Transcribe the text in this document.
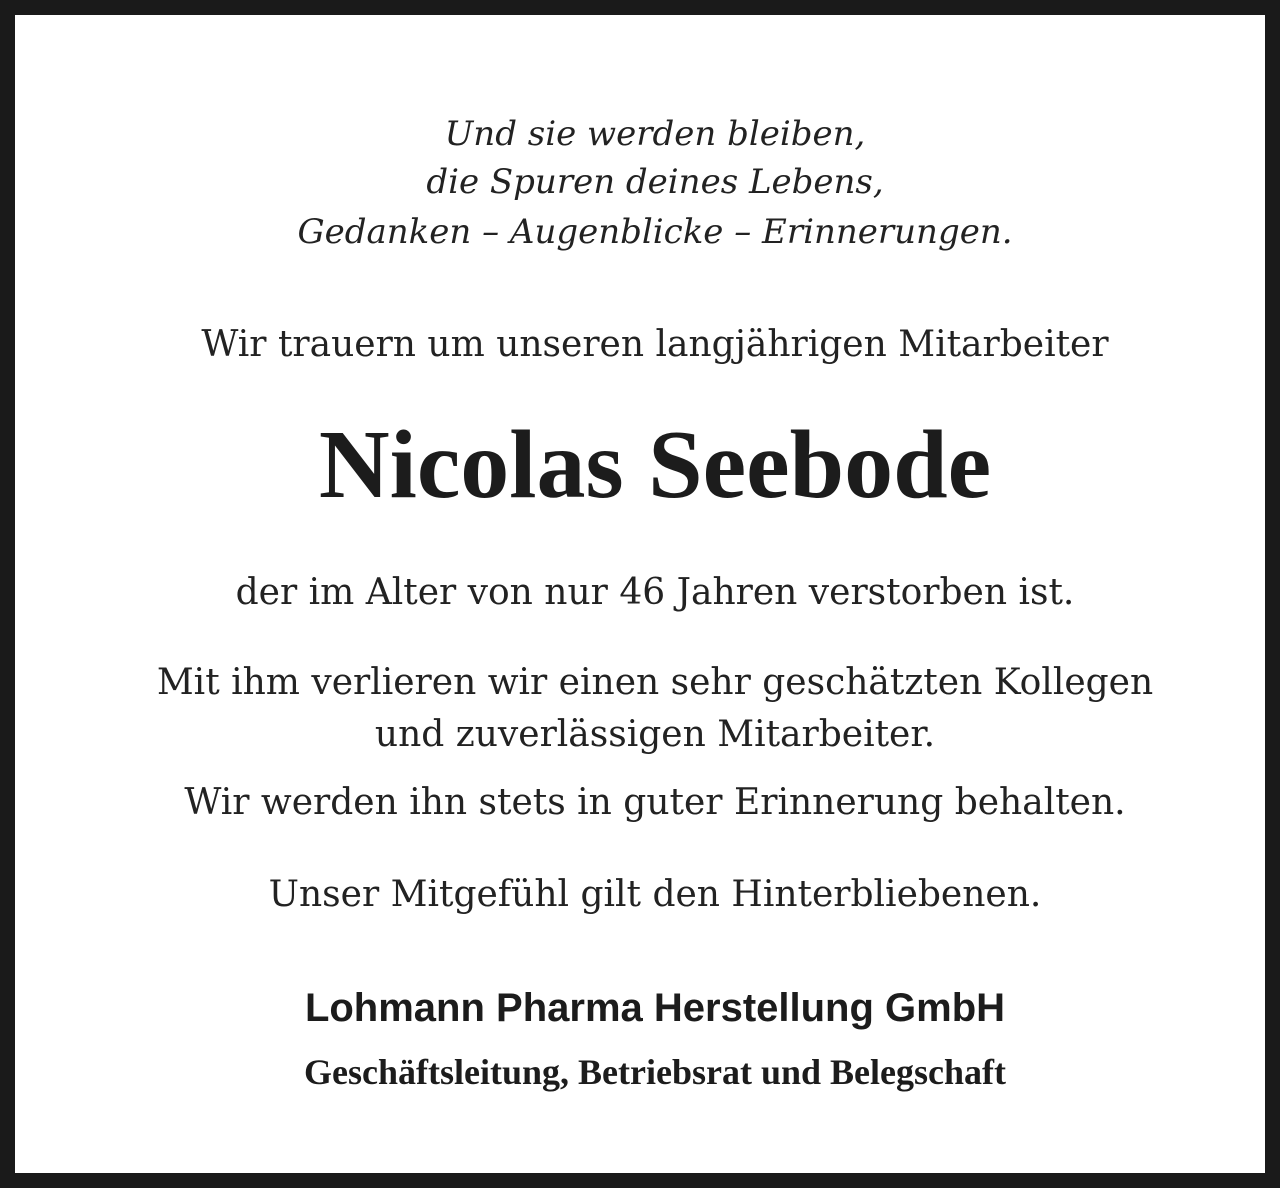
Und sie werden bleiben,

die Spuren deines Lebens,

Gedanken – Augenblicke – Erinnerungen.

Wir trauern um unseren langjährigen Mitarbeiter

Nicolas Seebode

der im Alter von nur 46 Jahren verstorben ist.

Mit ihm verlieren wir einen sehr geschätzten Kollegen

und zuverlässigen Mitarbeiter.

Wir werden ihn stets in guter Erinnerung behalten.

Unser Mitgefühl gilt den Hinterbliebenen.

Lohmann Pharma Herstellung GmbH

Geschäftsleitung, Betriebsrat und Belegschaft
